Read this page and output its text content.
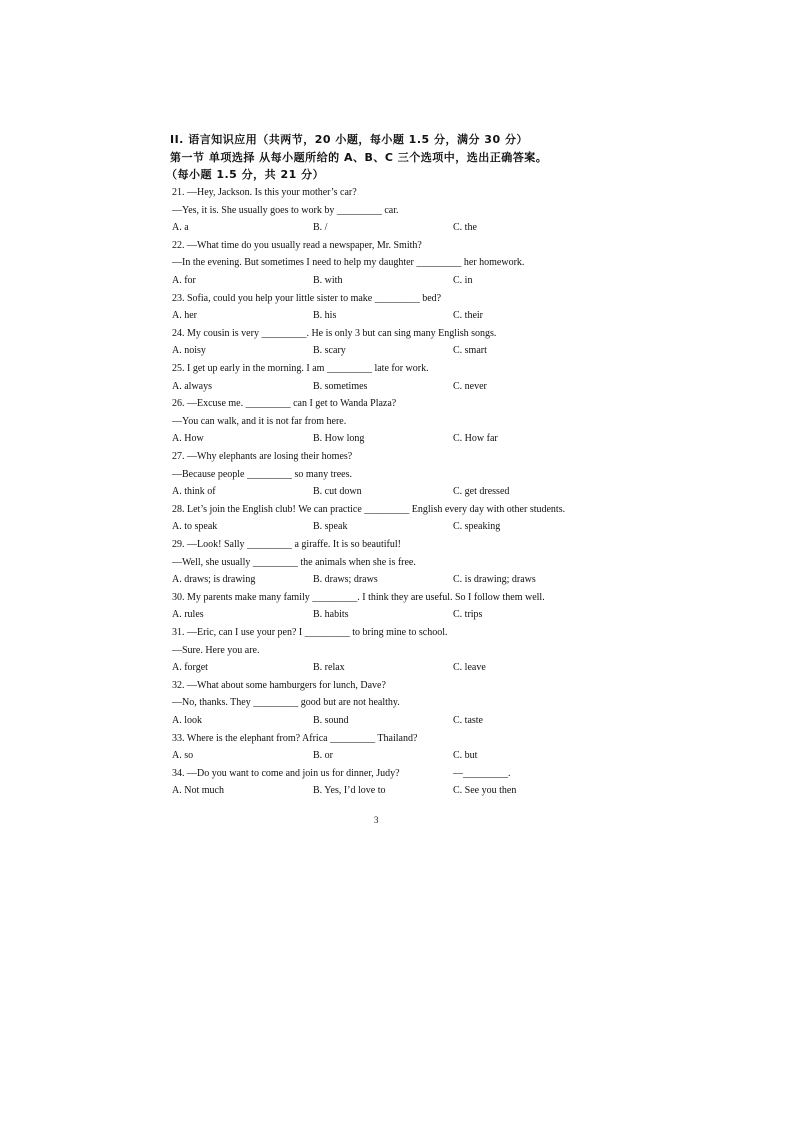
II. 语言知识应用（共两节，20 小题，每小题 1.5 分，满分 30 分）
第一节 单项选择 从每小题所给的 A、B、C 三个选项中，选出正确答案。
（每小题 1.5 分，共 21 分）
21. —Hey, Jackson. Is this your mother’s car?
—Yes, it is. She usually goes to work by _________ car.
A. a	B. /	C. the
22. —What time do you usually read a newspaper, Mr. Smith?
—In the evening. But sometimes I need to help my daughter _________ her homework.
A. for	B. with	C. in
23. Sofia, could you help your little sister to make _________ bed?
A. her	B. his	C. their
24. My cousin is very _________. He is only 3 but can sing many English songs.
A. noisy	B. scary	C. smart
25. I get up early in the morning. I am _________ late for work.
A. always	B. sometimes	C. never
26. —Excuse me. _________ can I get to Wanda Plaza?
—You can walk, and it is not far from here.
A. How	B. How long	C. How far
27. —Why elephants are losing their homes?
—Because people _________ so many trees.
A. think of	B. cut down	C. get dressed
28. Let’s join the English club! We can practice _________ English every day with other students.
A. to speak	B. speak	C. speaking
29. —Look! Sally _________ a giraffe. It is so beautiful!
—Well, she usually _________ the animals when she is free.
A. draws; is drawing	B. draws; draws	C. is drawing; draws
30. My parents make many family _________. I think they are useful. So I follow them well.
A. rules	B. habits	C. trips
31. —Eric, can I use your pen? I _________ to bring mine to school.
—Sure. Here you are.
A. forget	B. relax	C. leave
32. —What about some hamburgers for lunch, Dave?
—No, thanks. They _________ good but are not healthy.
A. look	B. sound	C. taste
33. Where is the elephant from? Africa _________ Thailand?
A. so	B. or	C. but
34. —Do you want to come and join us for dinner, Judy?	—_________.
A. Not much	B. Yes, I’d love to	C. See you then
3
